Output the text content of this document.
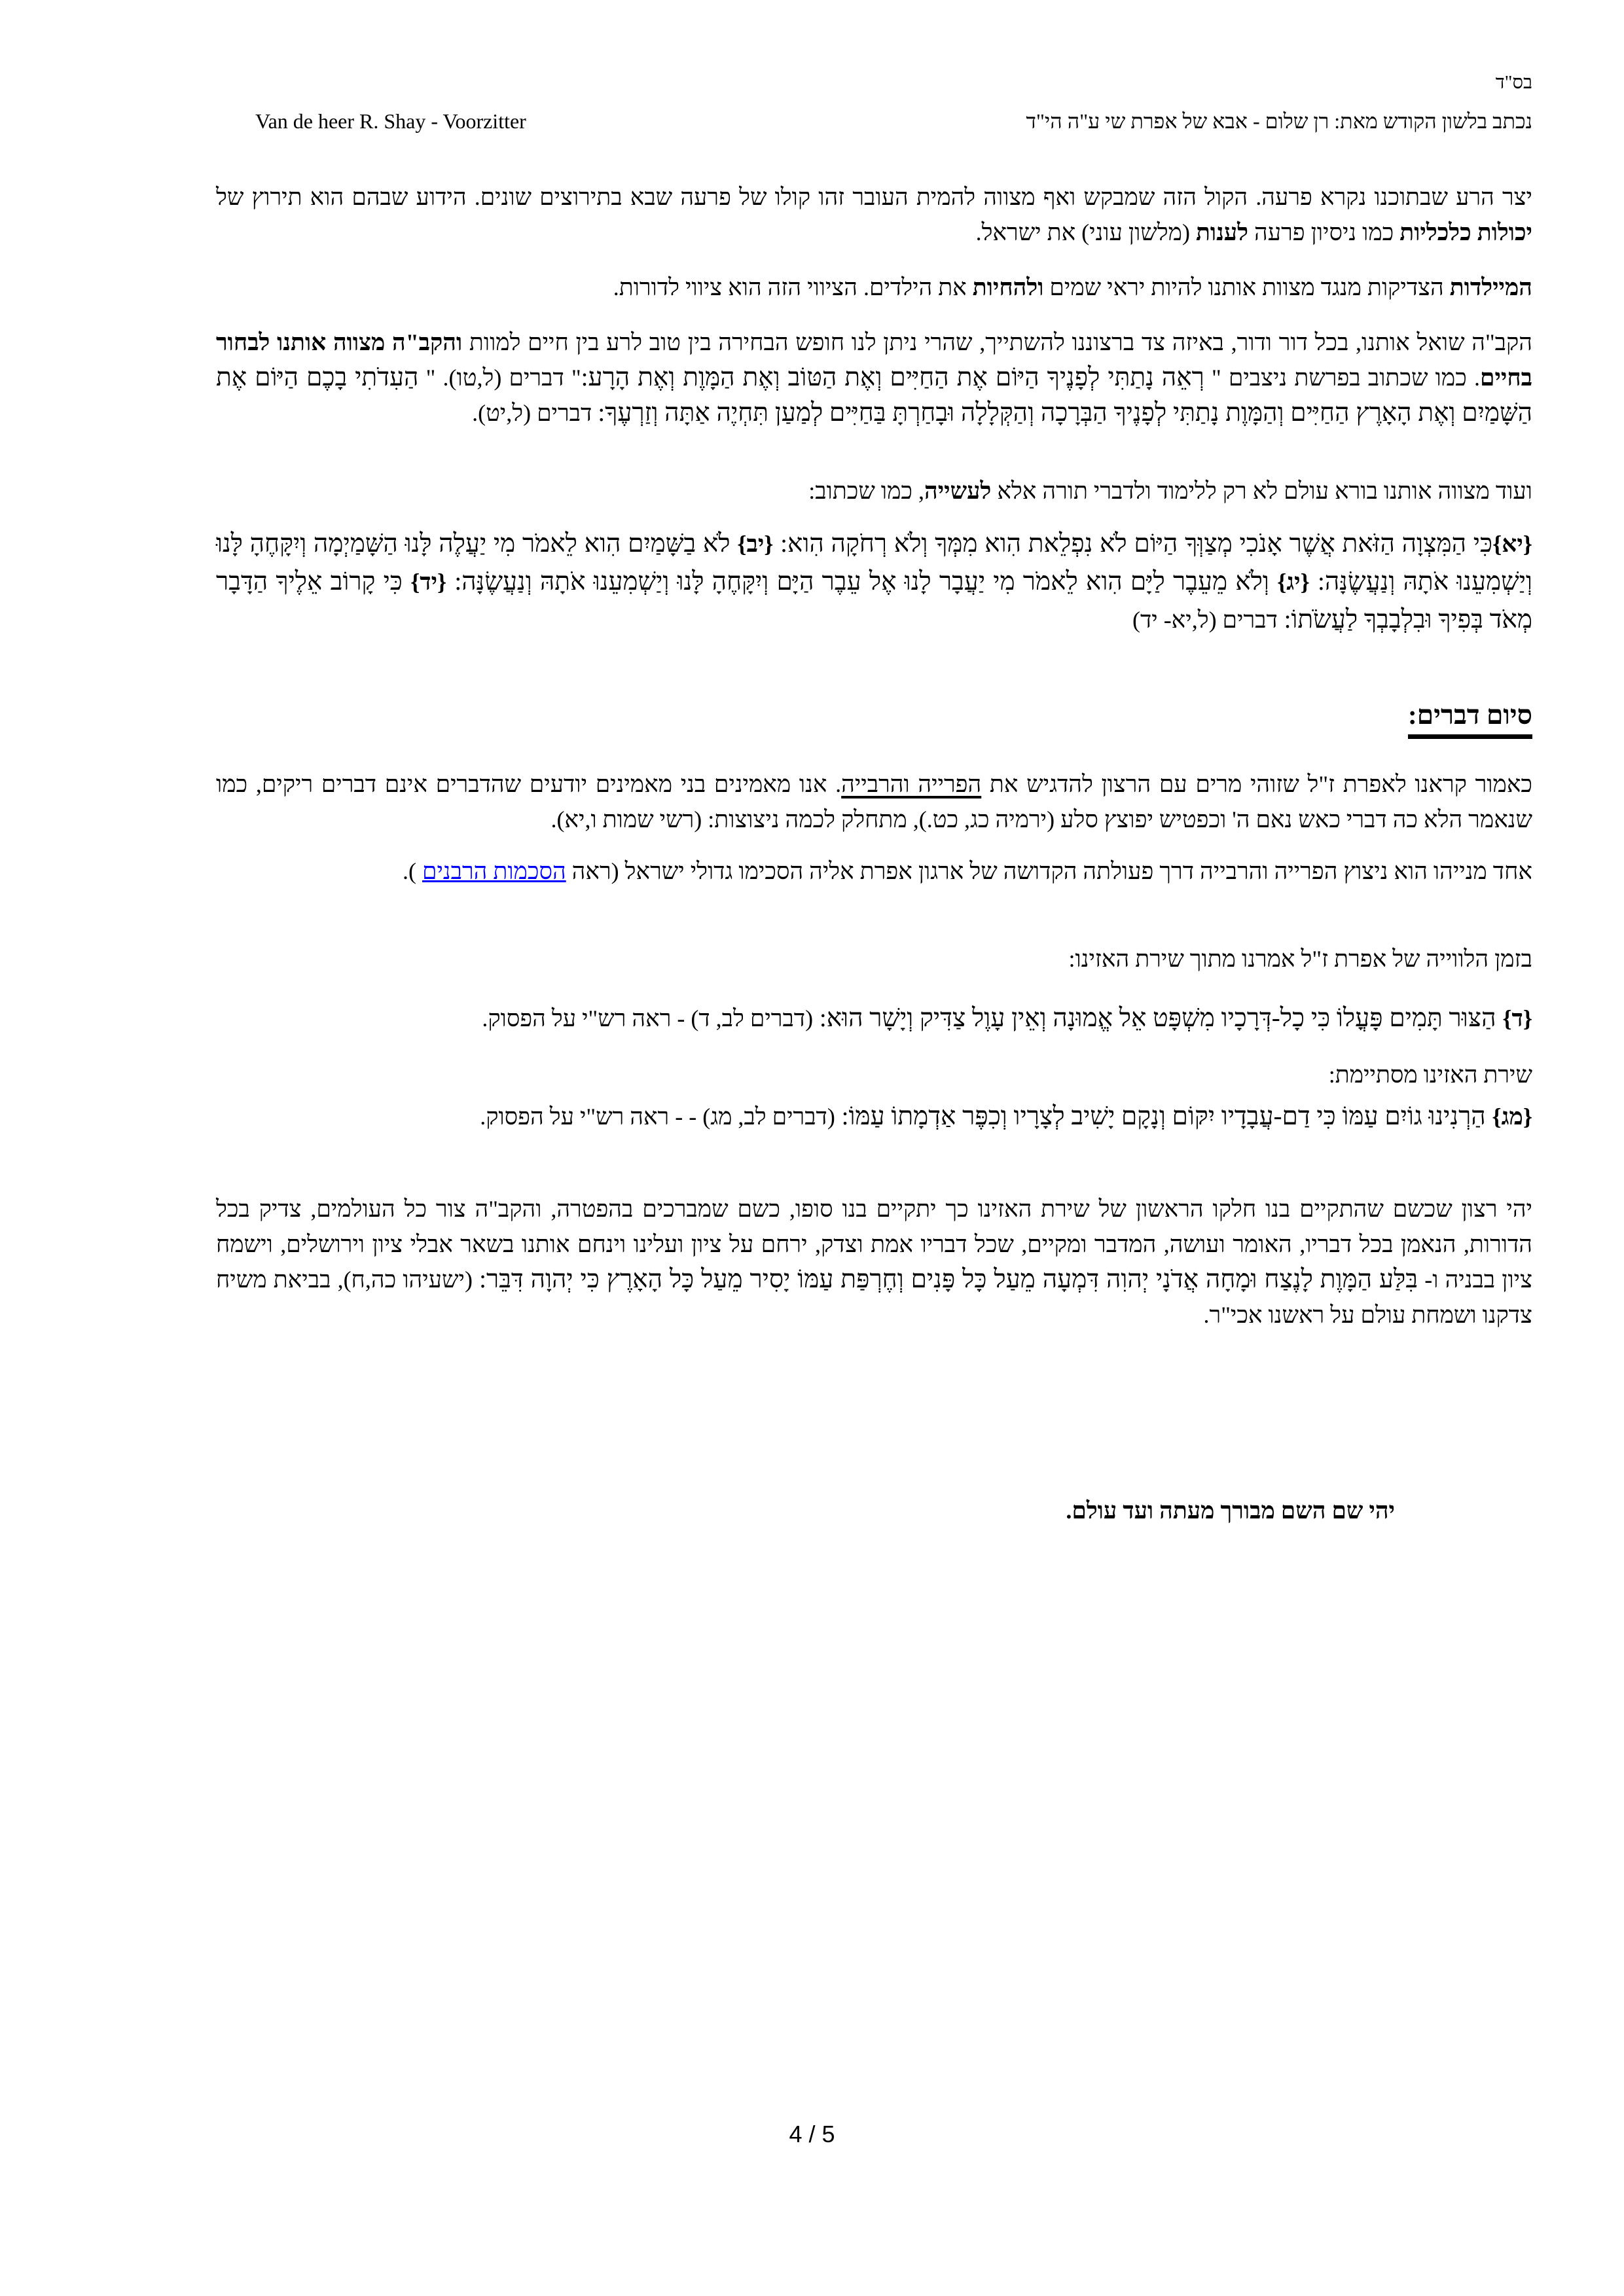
בס"ד
Van de heer R. Shay - Voorzitter	נכתב בלשון הקודש מאת: רן שלום - אבא של אפרת שי ע"ה הי"ד

יצר הרע שבתוכנו נקרא פרעה. הקול הזה שמבקש ואף מצווה להמית העובר זהו קולו של פרעה שבא בתירוצים שונים. הידוע שבהם הוא תירוץ של יכולות כלכליות כמו ניסיון פרעה לענות (מלשון עוני) את ישראל.

המיילדות הצדיקות מנגד מצוות אותנו להיות יראי שמים ולהחיות את הילדים. הציווי הזה הוא ציווי לדורות.

הקב"ה שואל אותנו, בכל דור ודור, באיזה צד ברצוננו להשתייך, שהרי ניתן לנו חופש הבחירה בין טוב לרע בין חיים למוות והקב"ה מצווה אותנו לבחור בחיים. כמו שכתוב בפרשת ניצבים " רְאֵה נָתַתִּי לְפָנֶיךָ הַיּוֹם אֶת הַחַיִּים וְאֶת הַטּוֹב וְאֶת הַמָּוֶת וְאֶת הָרָע:" דברים (ל,טו). " הַעִדֹתִי בָכֶם הַיּוֹם אֶת הַשָּׁמַיִם וְאֶת הָאָרֶץ הַחַיִּים וְהַמָּוֶת נָתַתִּי לְפָנֶיךָ הַבְּרָכָה וְהַקְּלָלָה וּבָחַרְתָּ בַּחַיִּים לְמַעַן תִּחְיֶה אַתָּה וְזַרְעֶךָ: דברים (ל,יט).

ועוד מצווה אותנו בורא עולם לא רק ללימוד ולדברי תורה אלא לעשייה, כמו שכתוב:

{יא}כִּי הַמִּצְוָה הַזֹּאת אֲשֶׁר אָנֹכִי מְצַוְּךָ הַיּוֹם לֹא נִפְלֵאת הִוא מִמְּךָ וְלֹא רְחֹקָה הִוא: {יב} לֹא בַשָּׁמַיִם הִוא לֵאמֹר מִי יַעֲלֶה לָּנוּ הַשָּׁמַיְמָה וְיִקָּחֶהָ לָּנוּ וְיַשְׁמִעֵנוּ אֹתָהּ וְנַעֲשֶׂנָּה: {יג} וְלֹא מֵעֵבֶר לַיָּם הִוא לֵאמֹר מִי יַעֲבָר לָנוּ אֶל עֵבֶר הַיָּם וְיִקָּחֶהָ לָּנוּ וְיַשְׁמִעֵנוּ אֹתָהּ וְנַעֲשֶׂנָּה: {יד} כִּי קָרוֹב אֵלֶיךָ הַדָּבָר מְאֹד בְּפִיךָ וּבִלְבָבְךָ לַעֲשֹׂתוֹ: דברים (ל,יא- יד)

סיום דברים:

כאמור קראנו לאפרת ז"ל שזוהי מרים עם הרצון להדגיש את הפרייה והרבייה. אנו מאמינים בני מאמינים יודעים שהדברים אינם דברים ריקים, כמו שנאמר הלא כה דברי כאש נאם ה' וכפטיש יפוצץ סלע (ירמיה כג, כט.), מתחלק לכמה ניצוצות: (רשי שמות ו,יא).

אחד מנייהו הוא ניצוץ הפרייה והרבייה דרך פעולתה הקדושה של ארגון אפרת אליה הסכימו גדולי ישראל (ראה הסכמות הרבנים ).

בזמן הלווייה של אפרת ז"ל אמרנו מתוך שירת האזינו:

{ד} הַצּוּר תָּמִים פָּעֳלוֹ כִּי כָל-דְּרָכָיו מִשְׁפָּט אֵל אֱמוּנָה וְאֵין עָוֶל צַדִּיק וְיָשָׁר הוּא: (דברים לב, ד) - ראה רש"י על הפסוק.

שירת האזינו מסתיימת:

{מג} הַרְנִינוּ גוֹיִם עַמּוֹ כִּי דַם-עֲבָדָיו יִקּוֹם וְנָקָם יָשִׁיב לְצָרָיו וְכִפֶּר אַדְמָתוֹ עַמּוֹ: (דברים לב, מג) - - ראה רש"י על הפסוק.

יהי רצון שכשם שהתקיים בנו חלקו הראשון של שירת האזינו כך יתקיים בנו סופו, כשם שמברכים בהפטרה, והקב"ה צור כל העולמים, צדיק בכל הדורות, הנאמן בכל דבריו, האומר ועושה, המדבר ומקיים, שכל דבריו אמת וצדק, ירחם על ציון ועלינו וינחם אותנו בשאר אבלי ציון וירושלים, וישמח ציון בבניה ו- בִּלַּע הַמָּוֶת לָנֶצַח וּמָחָה אֲדֹנָי יְהוִה דִּמְעָה מֵעַל כָּל פָּנִים וְחֶרְפַּת עַמּוֹ יָסִיר מֵעַל כָּל הָאָרֶץ כִּי יְהוָה דִּבֵּר: (ישעיהו כה,ח), בביאת משיח צדקנו ושמחת עולם על ראשנו אכי"ר.

יהי שם השם מבורך מעתה ועד עולם.

4 / 5
